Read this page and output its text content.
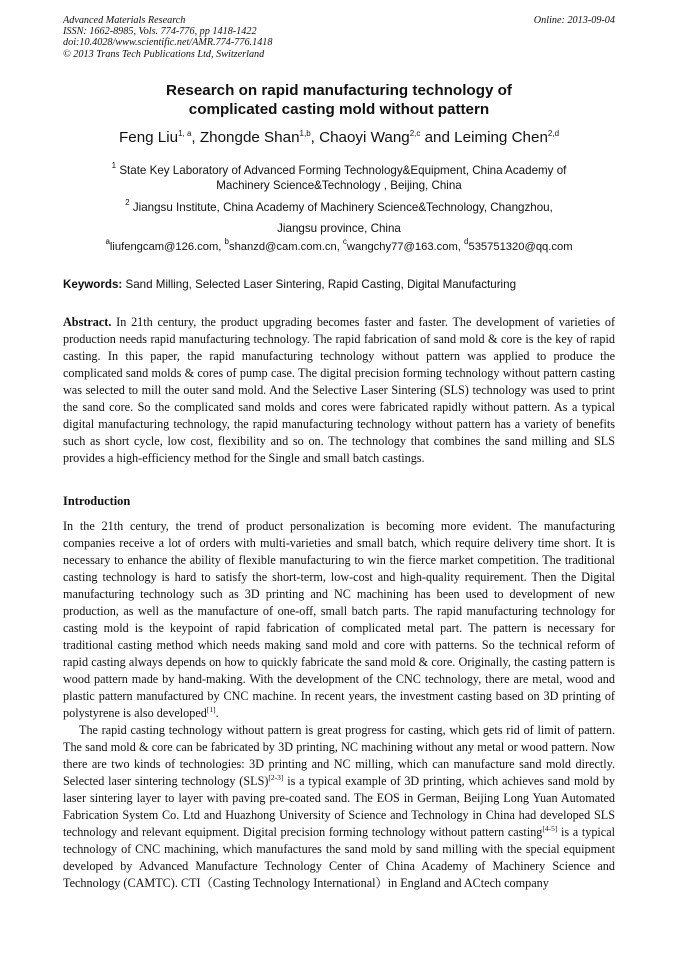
Advanced Materials Research
ISSN: 1662-8985, Vols. 774-776, pp 1418-1422
doi:10.4028/www.scientific.net/AMR.774-776.1418
© 2013 Trans Tech Publications Ltd, Switzerland
Online: 2013-09-04
Research on rapid manufacturing technology of
complicated casting mold without pattern
Feng Liu$^{1, a}$, Zhongde Shan$^{1,b}$, Chaoyi Wang$^{2,c}$ and Leiming Chen$^{2,d}$
$^1$ State Key Laboratory of Advanced Forming Technology&Equipment, China Academy of
Machinery Science&Technology , Beijing, China
$^2$ Jiangsu Institute, China Academy of Machinery Science&Technology, Changzhou,
Jiangsu province, China
$^a$liufengcam@126.com, $^b$shanzd@cam.com.cn, $^c$wangchy77@163.com, $^d$535751320@qq.com
Keywords: Sand Milling, Selected Laser Sintering, Rapid Casting, Digital Manufacturing
Abstract. In 21th century, the product upgrading becomes faster and faster. The development of varieties of production needs rapid manufacturing technology. The rapid fabrication of sand mold & core is the key of rapid casting. In this paper, the rapid manufacturing technology without pattern was applied to produce the complicated sand molds & cores of pump case. The digital precision forming technology without pattern casting was selected to mill the outer sand mold. And the Selective Laser Sintering (SLS) technology was used to print the sand core. So the complicated sand molds and cores were fabricated rapidly without pattern. As a typical digital manufacturing technology, the rapid manufacturing technology without pattern has a variety of benefits such as short cycle, low cost, flexibility and so on. The technology that combines the sand milling and SLS provides a high-efficiency method for the Single and small batch castings.
Introduction
In the 21th century, the trend of product personalization is becoming more evident. The manufacturing companies receive a lot of orders with multi-varieties and small batch, which require delivery time short. It is necessary to enhance the ability of flexible manufacturing to win the fierce market competition. The traditional casting technology is hard to satisfy the short-term, low-cost and high-quality requirement. Then the Digital manufacturing technology such as 3D printing and NC machining has been used to development of new production, as well as the manufacture of one-off, small batch parts. The rapid manufacturing technology for casting mold is the keypoint of rapid fabrication of complicated metal part. The pattern is necessary for traditional casting method which needs making sand mold and core with patterns. So the technical reform of rapid casting always depends on how to quickly fabricate the sand mold & core. Originally, the casting pattern is wood pattern made by hand-making. With the development of the CNC technology, there are metal, wood and plastic pattern manufactured by CNC machine. In recent years, the investment casting based on 3D printing of polystyrene is also developed[1].
The rapid casting technology without pattern is great progress for casting, which gets rid of limit of pattern. The sand mold & core can be fabricated by 3D printing, NC machining without any metal or wood pattern. Now there are two kinds of technologies: 3D printing and NC milling, which can manufacture sand mold directly. Selected laser sintering technology (SLS)[2-3] is a typical example of 3D printing, which achieves sand mold by laser sintering layer to layer with paving pre-coated sand. The EOS in German, Beijing Long Yuan Automated Fabrication System Co. Ltd and Huazhong University of Science and Technology in China had developed SLS technology and relevant equipment. Digital precision forming technology without pattern casting[4-5] is a typical technology of CNC machining, which manufactures the sand mold by sand milling with the special equipment developed by Advanced Manufacture Technology Center of China Academy of Machinery Science and Technology (CAMTC). CTI（Casting Technology International）in England and ACtech company
